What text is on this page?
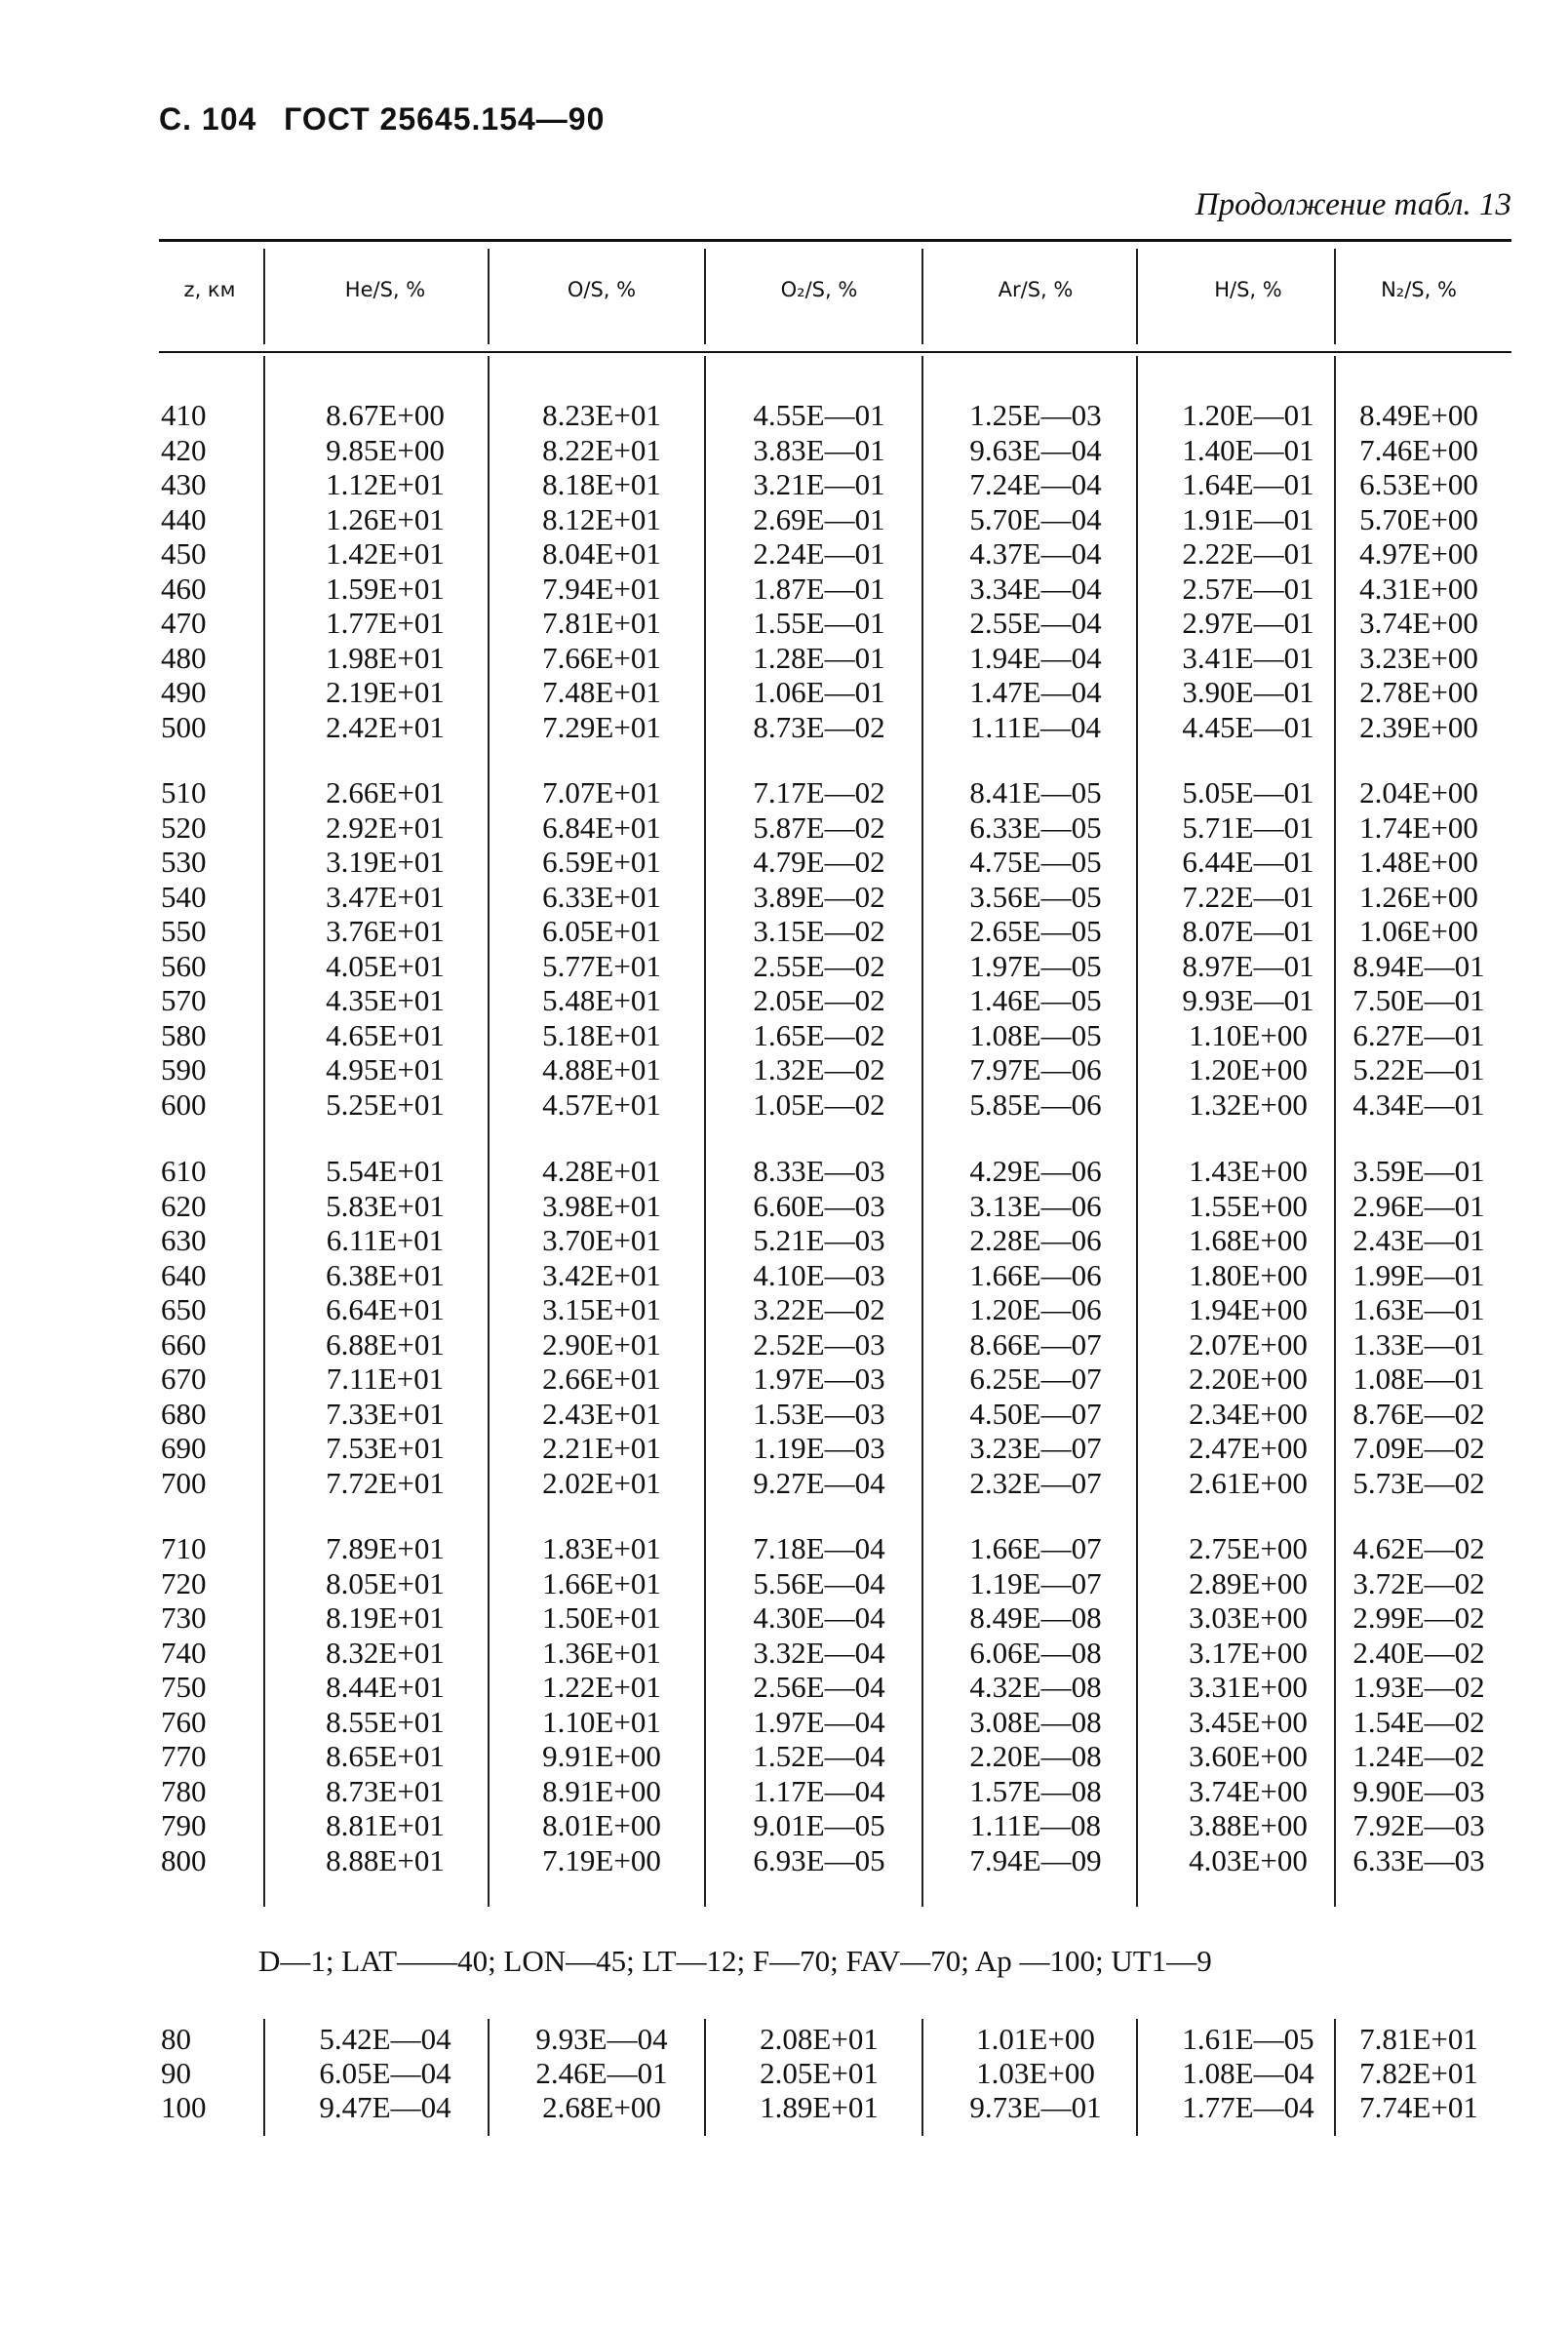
С. 104 ГОСТ 25645.154—90
Продолжение табл. 13
z, км	He/S, %	O/S, %	O₂/S, %	Ar/S, %	H/S, %	N₂/S, %
410	8.67E+00	8.23E+01	4.55E—01	1.25E—03	1.20E—01	8.49E+00
420	9.85E+00	8.22E+01	3.83E—01	9.63E—04	1.40E—01	7.46E+00
430	1.12E+01	8.18E+01	3.21E—01	7.24E—04	1.64E—01	6.53E+00
440	1.26E+01	8.12E+01	2.69E—01	5.70E—04	1.91E—01	5.70E+00
450	1.42E+01	8.04E+01	2.24E—01	4.37E—04	2.22E—01	4.97E+00
460	1.59E+01	7.94E+01	1.87E—01	3.34E—04	2.57E—01	4.31E+00
470	1.77E+01	7.81E+01	1.55E—01	2.55E—04	2.97E—01	3.74E+00
480	1.98E+01	7.66E+01	1.28E—01	1.94E—04	3.41E—01	3.23E+00
490	2.19E+01	7.48E+01	1.06E—01	1.47E—04	3.90E—01	2.78E+00
500	2.42E+01	7.29E+01	8.73E—02	1.11E—04	4.45E—01	2.39E+00
510	2.66E+01	7.07E+01	7.17E—02	8.41E—05	5.05E—01	2.04E+00
520	2.92E+01	6.84E+01	5.87E—02	6.33E—05	5.71E—01	1.74E+00
530	3.19E+01	6.59E+01	4.79E—02	4.75E—05	6.44E—01	1.48E+00
540	3.47E+01	6.33E+01	3.89E—02	3.56E—05	7.22E—01	1.26E+00
550	3.76E+01	6.05E+01	3.15E—02	2.65E—05	8.07E—01	1.06E+00
560	4.05E+01	5.77E+01	2.55E—02	1.97E—05	8.97E—01	8.94E—01
570	4.35E+01	5.48E+01	2.05E—02	1.46E—05	9.93E—01	7.50E—01
580	4.65E+01	5.18E+01	1.65E—02	1.08E—05	1.10E+00	6.27E—01
590	4.95E+01	4.88E+01	1.32E—02	7.97E—06	1.20E+00	5.22E—01
600	5.25E+01	4.57E+01	1.05E—02	5.85E—06	1.32E+00	4.34E—01
610	5.54E+01	4.28E+01	8.33E—03	4.29E—06	1.43E+00	3.59E—01
620	5.83E+01	3.98E+01	6.60E—03	3.13E—06	1.55E+00	2.96E—01
630	6.11E+01	3.70E+01	5.21E—03	2.28E—06	1.68E+00	2.43E—01
640	6.38E+01	3.42E+01	4.10E—03	1.66E—06	1.80E+00	1.99E—01
650	6.64E+01	3.15E+01	3.22E—02	1.20E—06	1.94E+00	1.63E—01
660	6.88E+01	2.90E+01	2.52E—03	8.66E—07	2.07E+00	1.33E—01
670	7.11E+01	2.66E+01	1.97E—03	6.25E—07	2.20E+00	1.08E—01
680	7.33E+01	2.43E+01	1.53E—03	4.50E—07	2.34E+00	8.76E—02
690	7.53E+01	2.21E+01	1.19E—03	3.23E—07	2.47E+00	7.09E—02
700	7.72E+01	2.02E+01	9.27E—04	2.32E—07	2.61E+00	5.73E—02
710	7.89E+01	1.83E+01	7.18E—04	1.66E—07	2.75E+00	4.62E—02
720	8.05E+01	1.66E+01	5.56E—04	1.19E—07	2.89E+00	3.72E—02
730	8.19E+01	1.50E+01	4.30E—04	8.49E—08	3.03E+00	2.99E—02
740	8.32E+01	1.36E+01	3.32E—04	6.06E—08	3.17E+00	2.40E—02
750	8.44E+01	1.22E+01	2.56E—04	4.32E—08	3.31E+00	1.93E—02
760	8.55E+01	1.10E+01	1.97E—04	3.08E—08	3.45E+00	1.54E—02
770	8.65E+01	9.91E+00	1.52E—04	2.20E—08	3.60E+00	1.24E—02
780	8.73E+01	8.91E+00	1.17E—04	1.57E—08	3.74E+00	9.90E—03
790	8.81E+01	8.01E+00	9.01E—05	1.11E—08	3.88E+00	7.92E—03
800	8.88E+01	7.19E+00	6.93E—05	7.94E—09	4.03E+00	6.33E—03
D—1; LAT——40; LON—45; LT—12; F—70; FAV—70; Ap —100; UT1—9
80	5.42E—04	9.93E—04	2.08E+01	1.01E+00	1.61E—05	7.81E+01
90	6.05E—04	2.46E—01	2.05E+01	1.03E+00	1.08E—04	7.82E+01
100	9.47E—04	2.68E+00	1.89E+01	9.73E—01	1.77E—04	7.74E+01
